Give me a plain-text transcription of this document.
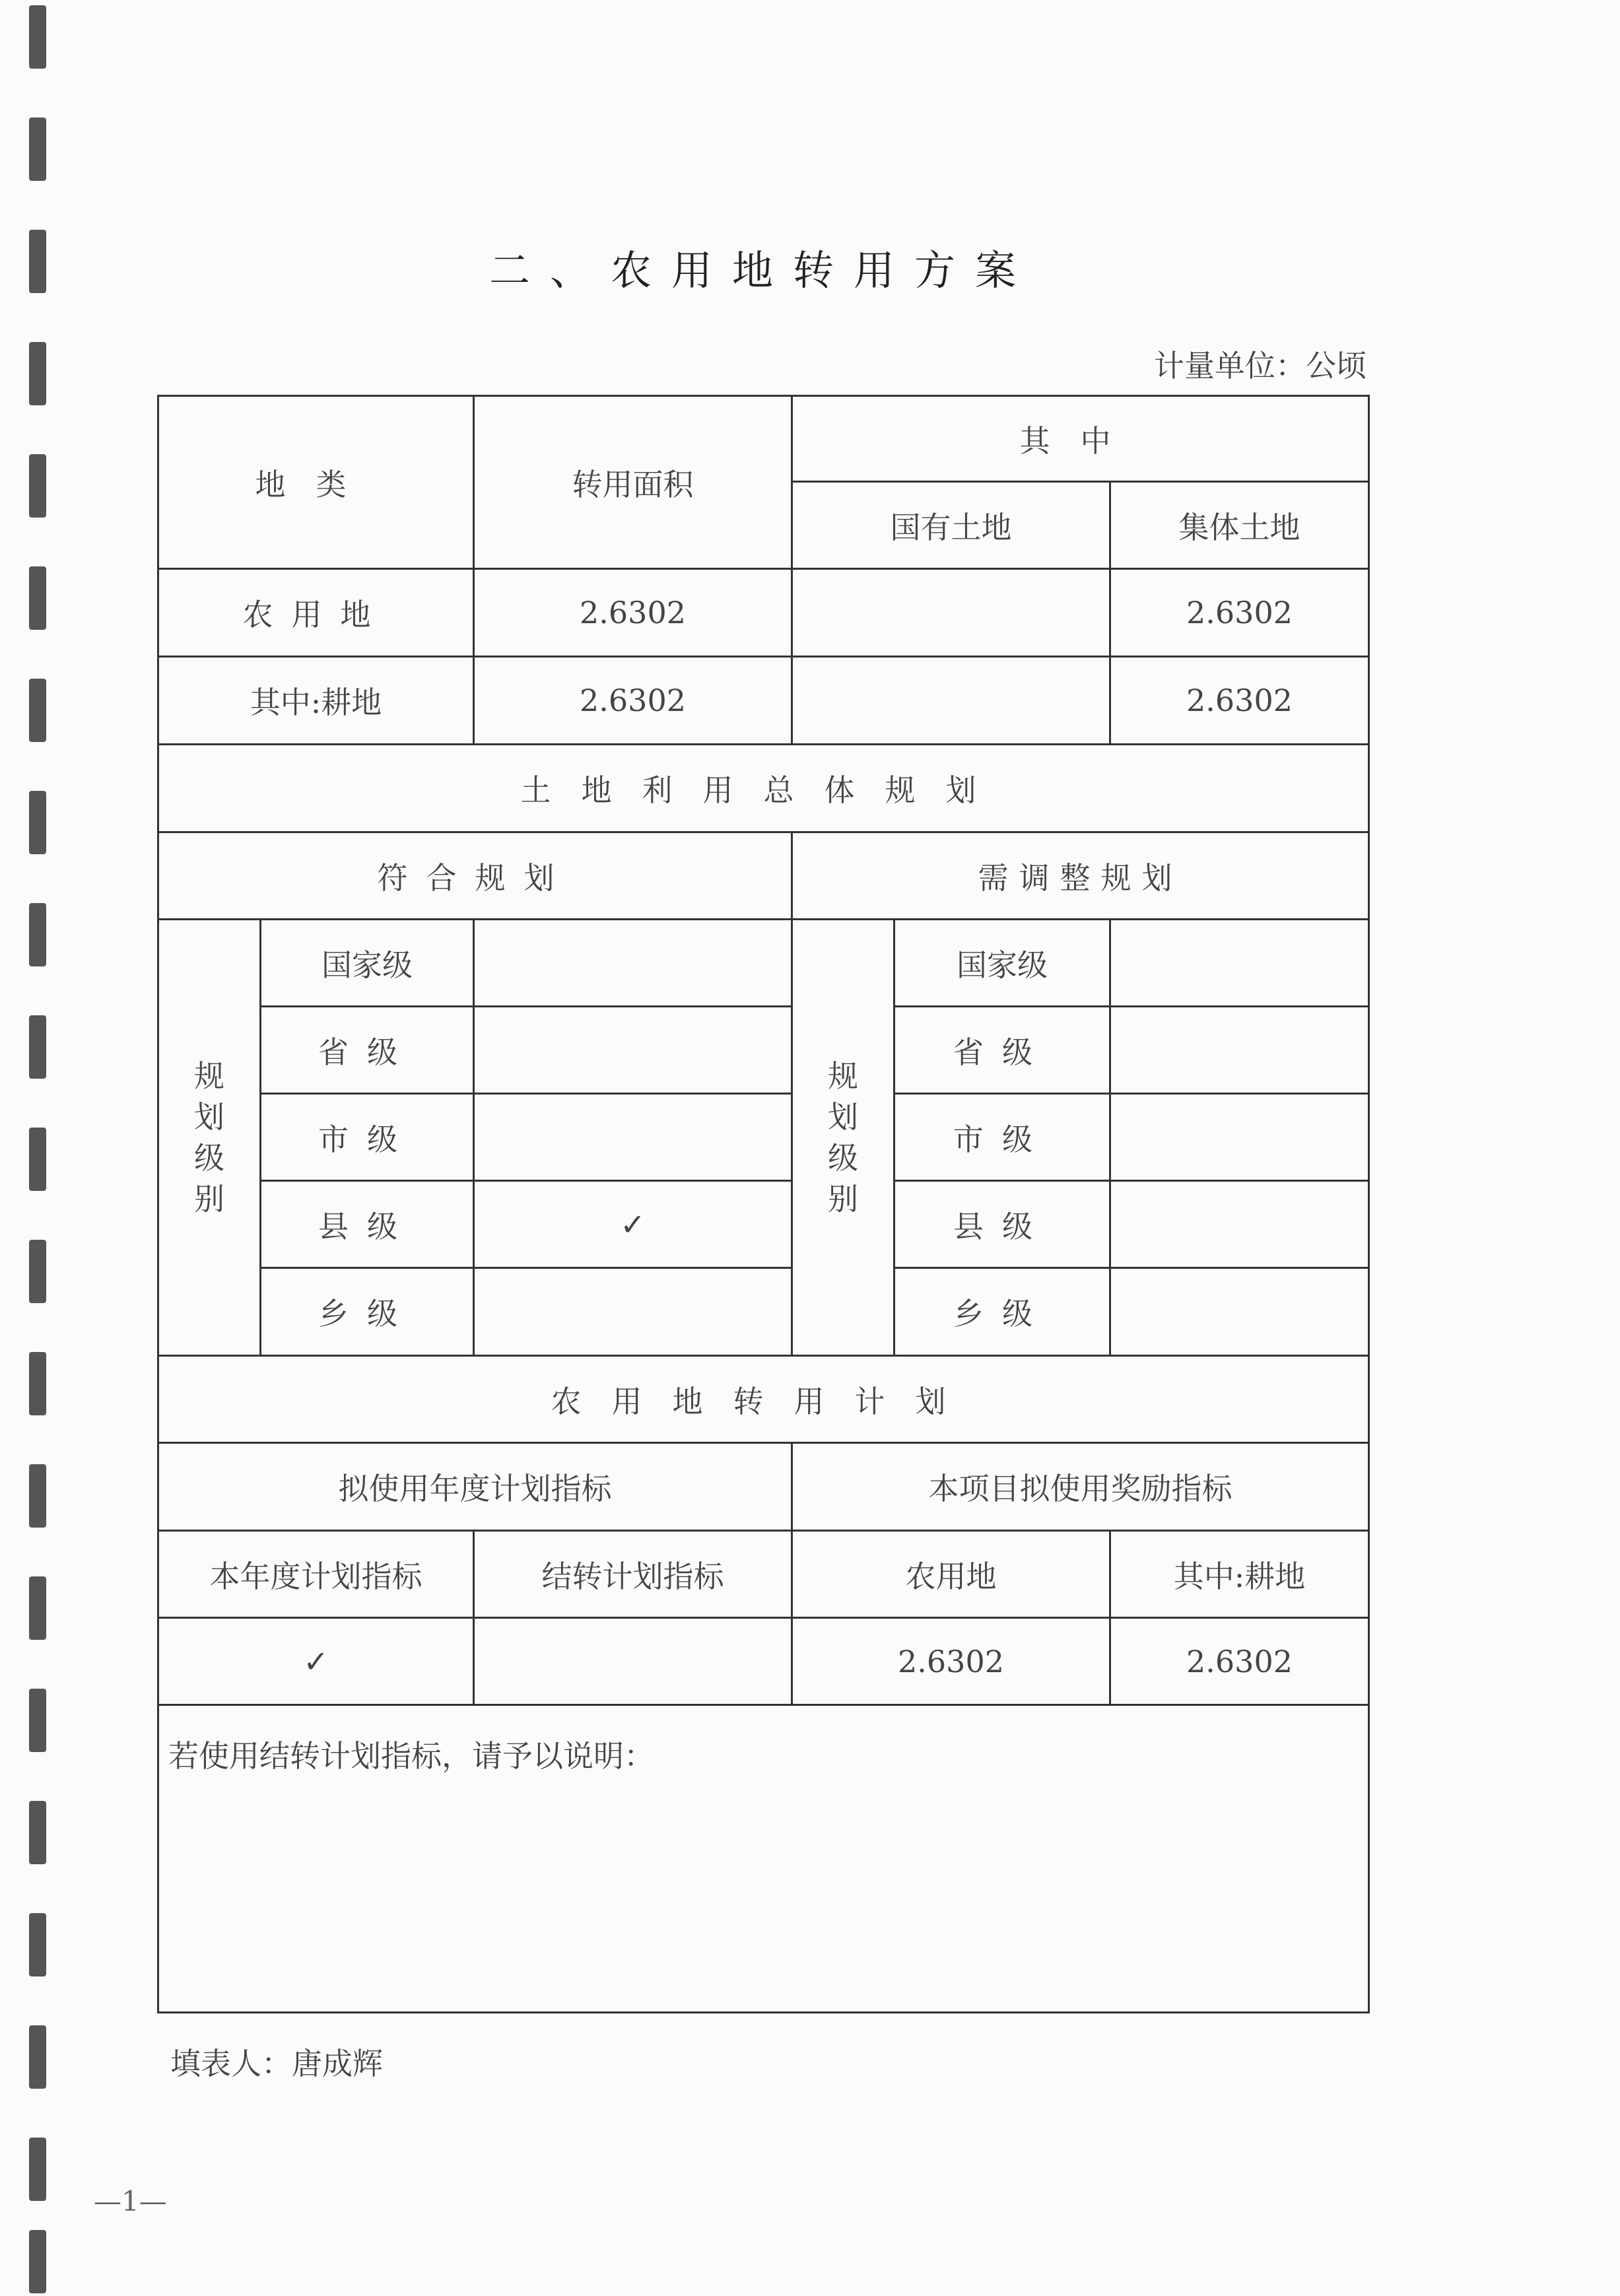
二、农用地转用方案
计量单位：公顷
地类		转用面积	其中		
			国有土地		集体土地
农用地		2.6302			2.6302
其中:耕地		2.6302			2.6302
土地利用总体规划					
符合规划			需调整规划		

规划级别	国家级		规划级别	国家级	
	省级			省级	
	市级			市级	
	县级	✓		县级	
	乡级			乡级	
农用地转用计划					
拟使用年度计划指标			本项目拟使用奖励指标		
本年度计划指标		结转计划指标	农用地		其中:耕地
✓			2.6302		2.6302

若使用结转计划指标，请予以说明：					
填表人：唐成辉
—1—
